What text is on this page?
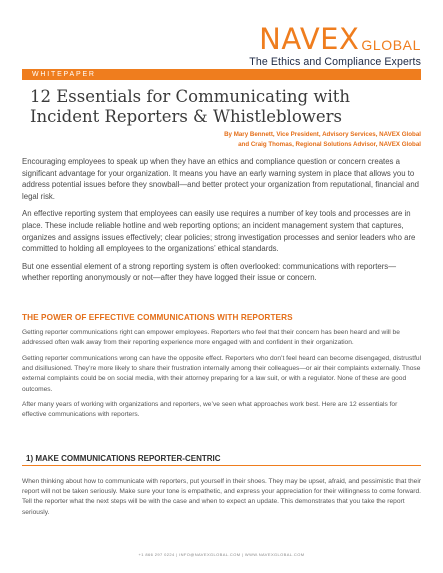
NAVEX GLOBAL
The Ethics and Compliance Experts
WHITEPAPER
12 Essentials for Communicating with Incident Reporters & Whistleblowers
By Mary Bennett, Vice President, Advisory Services, NAVEX Global
and Craig Thomas, Regional Solutions Advisor, NAVEX Global

Encouraging employees to speak up when they have an ethics and compliance question or concern creates a significant advantage for your organization. It means you have an early warning system in place that allows you to address potential issues before they snowball—and better protect your organization from reputational, financial and legal risk.

An effective reporting system that employees can easily use requires a number of key tools and processes are in place. These include reliable hotline and web reporting options; an incident management system that captures, organizes and assigns issues effectively; clear policies; strong investigation processes and senior leaders who are committed to holding all employees to the organizations’ ethical standards.

But one essential element of a strong reporting system is often overlooked: communications with reporters—whether reporting anonymously or not—after they have logged their issue or concern.

THE POWER OF EFFECTIVE COMMUNICATIONS WITH REPORTERS

Getting reporter communications right can empower employees. Reporters who feel that their concern has been heard and will be addressed often walk away from their reporting experience more engaged with and confident in their organization.

Getting reporter communications wrong can have the opposite effect. Reporters who don’t feel heard can become disengaged, distrustful and disillusioned. They’re more likely to share their frustration internally among their colleagues—or air their complaints externally. Those external complaints could be on social media, with their attorney preparing for a law suit, or with a regulator. None of these are good outcomes.

After many years of working with organizations and reporters, we’ve seen what approaches work best. Here are 12 essentials for effective communications with reporters.

1) MAKE COMMUNICATIONS REPORTER-CENTRIC

When thinking about how to communicate with reporters, put yourself in their shoes. They may be upset, afraid, and pessimistic that their report will not be taken seriously. Make sure your tone is empathetic, and express your appreciation for their willingness to come forward. Tell the reporter what the next steps will be with the case and when to expect an update. This demonstrates that you take the report seriously.

+1 866 297 0224 | INFO@NAVEXGLOBAL.COM | WWW.NAVEXGLOBAL.COM
